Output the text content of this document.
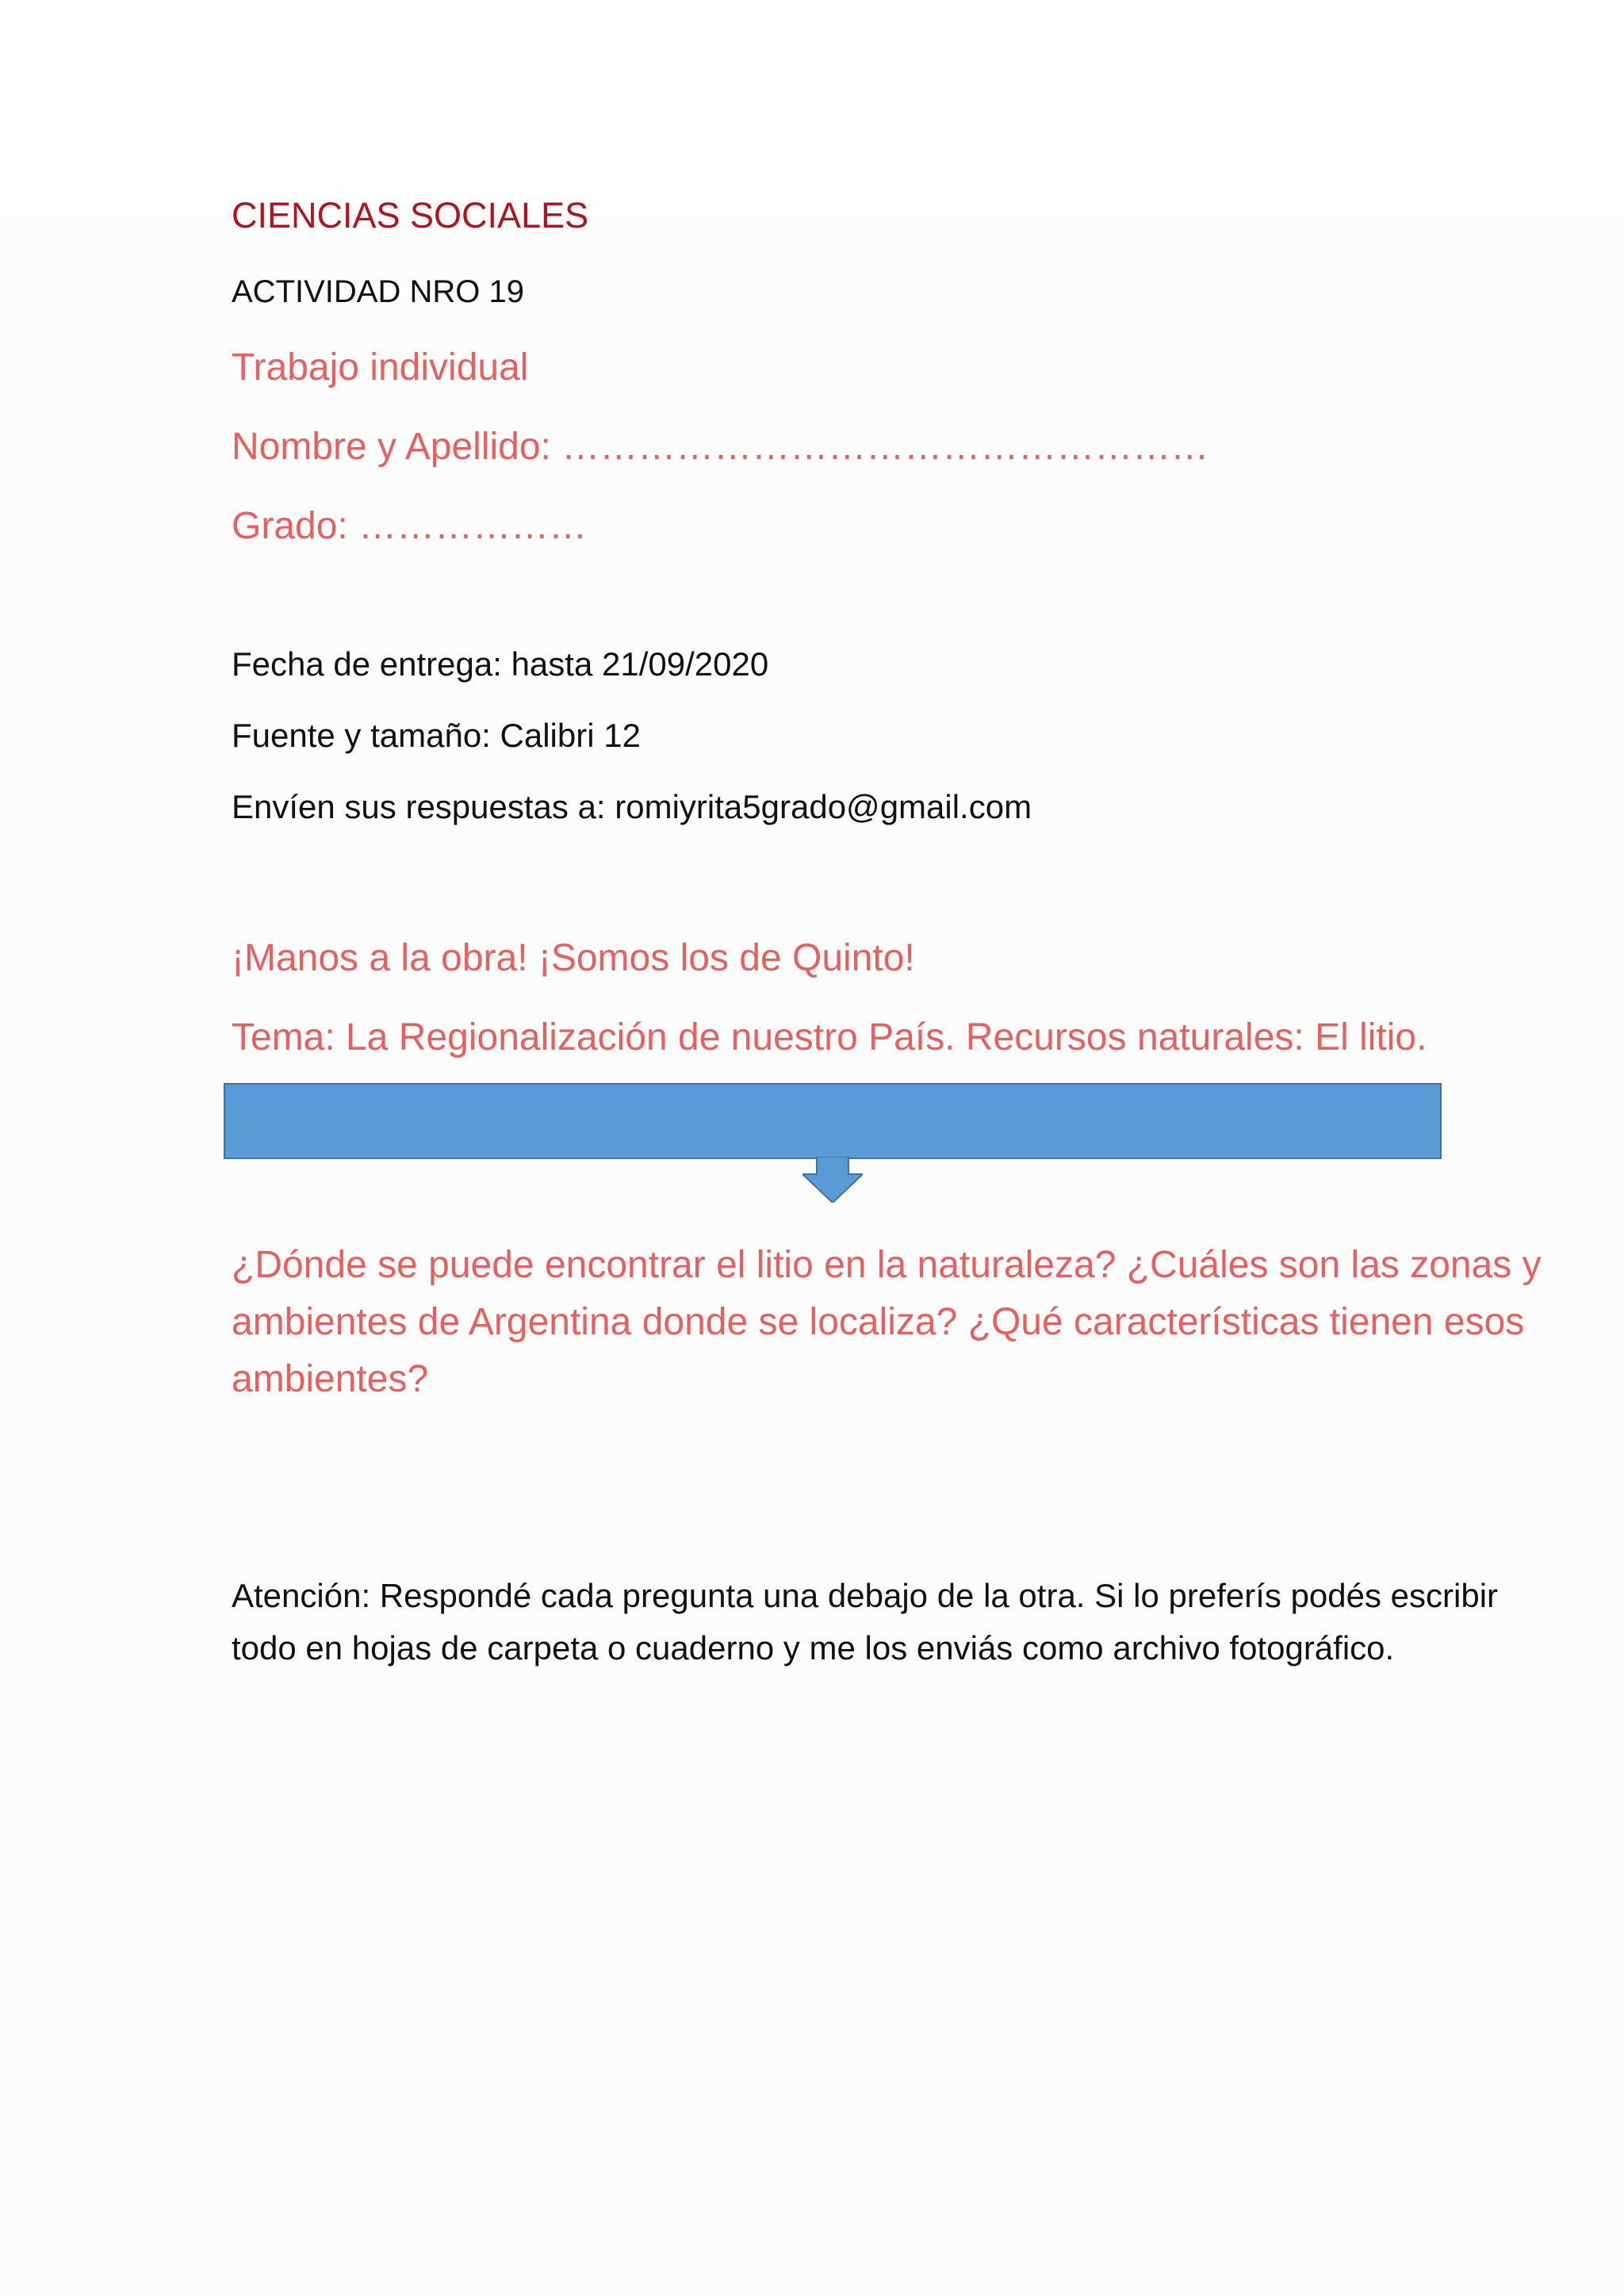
CIENCIAS SOCIALES

ACTIVIDAD NRO 19

Trabajo individual

Nombre y Apellido: ……………………………………………

Grado: ………………

Fecha de entrega: hasta 21/09/2020

Fuente y tamaño: Calibri 12

Envíen sus respuestas a: romiyrita5grado@gmail.com

¡Manos a la obra! ¡Somos los de Quinto!

Tema: La Regionalización de nuestro País. Recursos naturales: El litio.

¿Dónde se puede encontrar el litio en la naturaleza? ¿Cuáles son las zonas y ambientes de Argentina donde se localiza? ¿Qué características tienen esos ambientes?

Atención: Respondé cada pregunta una debajo de la otra. Si lo preferís podés escribir todo en hojas de carpeta o cuaderno y me los enviás como archivo fotográfico.
